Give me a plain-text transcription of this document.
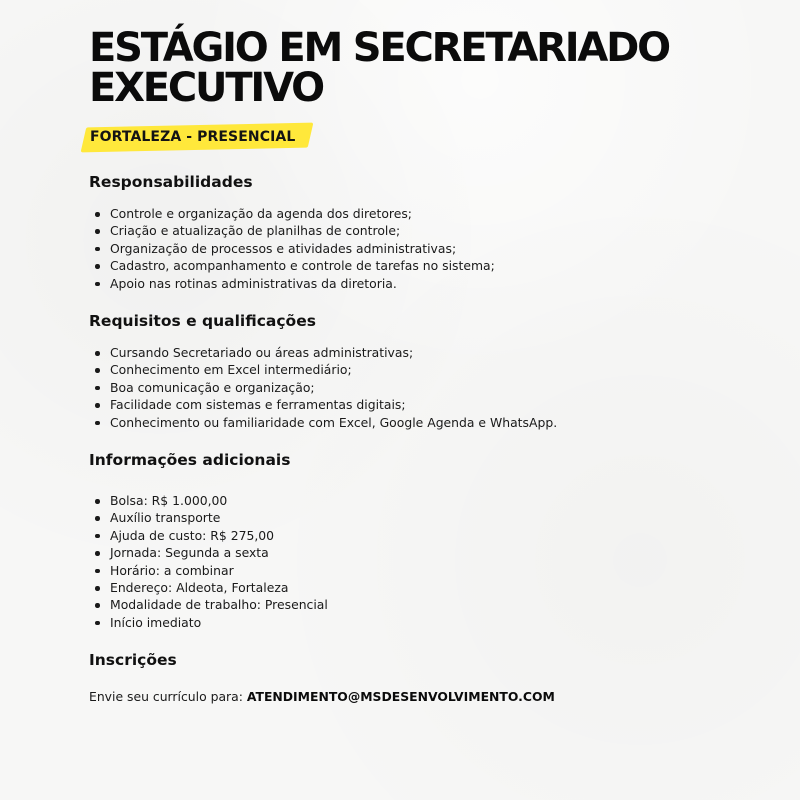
ESTÁGIO EM SECRETARIADO
EXECUTIVO
FORTALEZA - PRESENCIAL
Responsabilidades
Controle e organização da agenda dos diretores;
Criação e atualização de planilhas de controle;
Organização de processos e atividades administrativas;
Cadastro, acompanhamento e controle de tarefas no sistema;
Apoio nas rotinas administrativas da diretoria.
Requisitos e qualificações
Cursando Secretariado ou áreas administrativas;
Conhecimento em Excel intermediário;
Boa comunicação e organização;
Facilidade com sistemas e ferramentas digitais;
Conhecimento ou familiaridade com Excel, Google Agenda e WhatsApp.
Informações adicionais
Bolsa: R$ 1.000,00
Auxílio transporte
Ajuda de custo: R$ 275,00
Jornada: Segunda a sexta
Horário: a combinar
Endereço: Aldeota, Fortaleza
Modalidade de trabalho: Presencial
Início imediato
Inscrições
Envie seu currículo para: ATENDIMENTO@MSDESENVOLVIMENTO.COM
